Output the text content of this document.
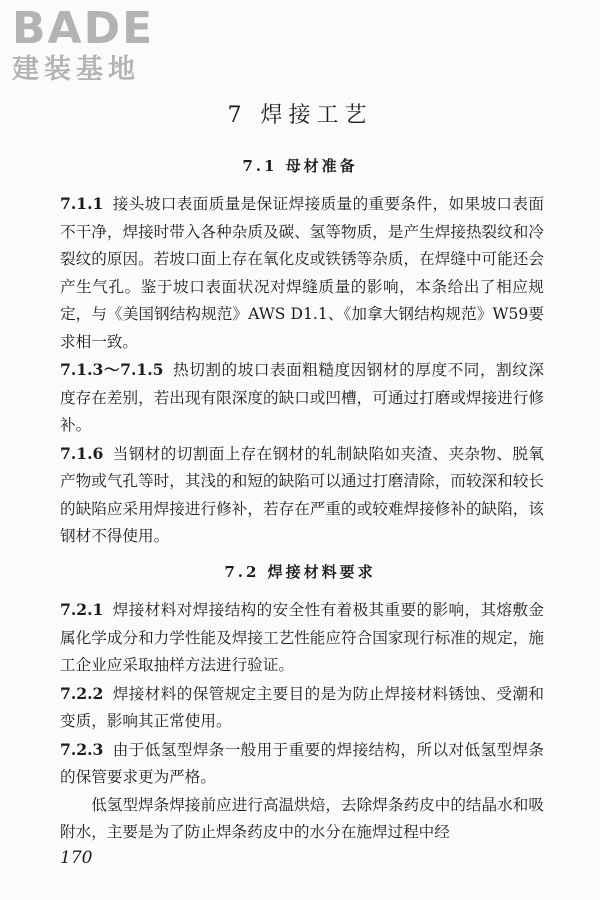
BADE
建装基地
7 焊接工艺
7.1 母材准备

7.1.1 接头坡口表面质量是保证焊接质量的重要条件，如果坡口表面不干净，焊接时带入各种杂质及碳、氢等物质，是产生焊接热裂纹和冷裂纹的原因。若坡口面上存在氧化皮或铁锈等杂质，在焊缝中可能还会产生气孔。鉴于坡口表面状况对焊缝质量的影响，本条给出了相应规定，与《美国钢结构规范》AWS D1.1、《加拿大钢结构规范》W59要求相一致。

7.1.3～7.1.5 热切割的坡口表面粗糙度因钢材的厚度不同，割纹深度存在差别，若出现有限深度的缺口或凹槽，可通过打磨或焊接进行修补。

7.1.6 当钢材的切割面上存在钢材的轧制缺陷如夹渣、夹杂物、脱氧产物或气孔等时，其浅的和短的缺陷可以通过打磨清除，而较深和较长的缺陷应采用焊接进行修补，若存在严重的或较难焊接修补的缺陷，该钢材不得使用。

7.2 焊接材料要求

7.2.1 焊接材料对焊接结构的安全性有着极其重要的影响，其熔敷金属化学成分和力学性能及焊接工艺性能应符合国家现行标准的规定，施工企业应采取抽样方法进行验证。

7.2.2 焊接材料的保管规定主要目的是为防止焊接材料锈蚀、受潮和变质，影响其正常使用。

7.2.3 由于低氢型焊条一般用于重要的焊接结构，所以对低氢型焊条的保管要求更为严格。

低氢型焊条焊接前应进行高温烘焙，去除焊条药皮中的结晶水和吸附水，主要是为了防止焊条药皮中的水分在施焊过程中经

170
